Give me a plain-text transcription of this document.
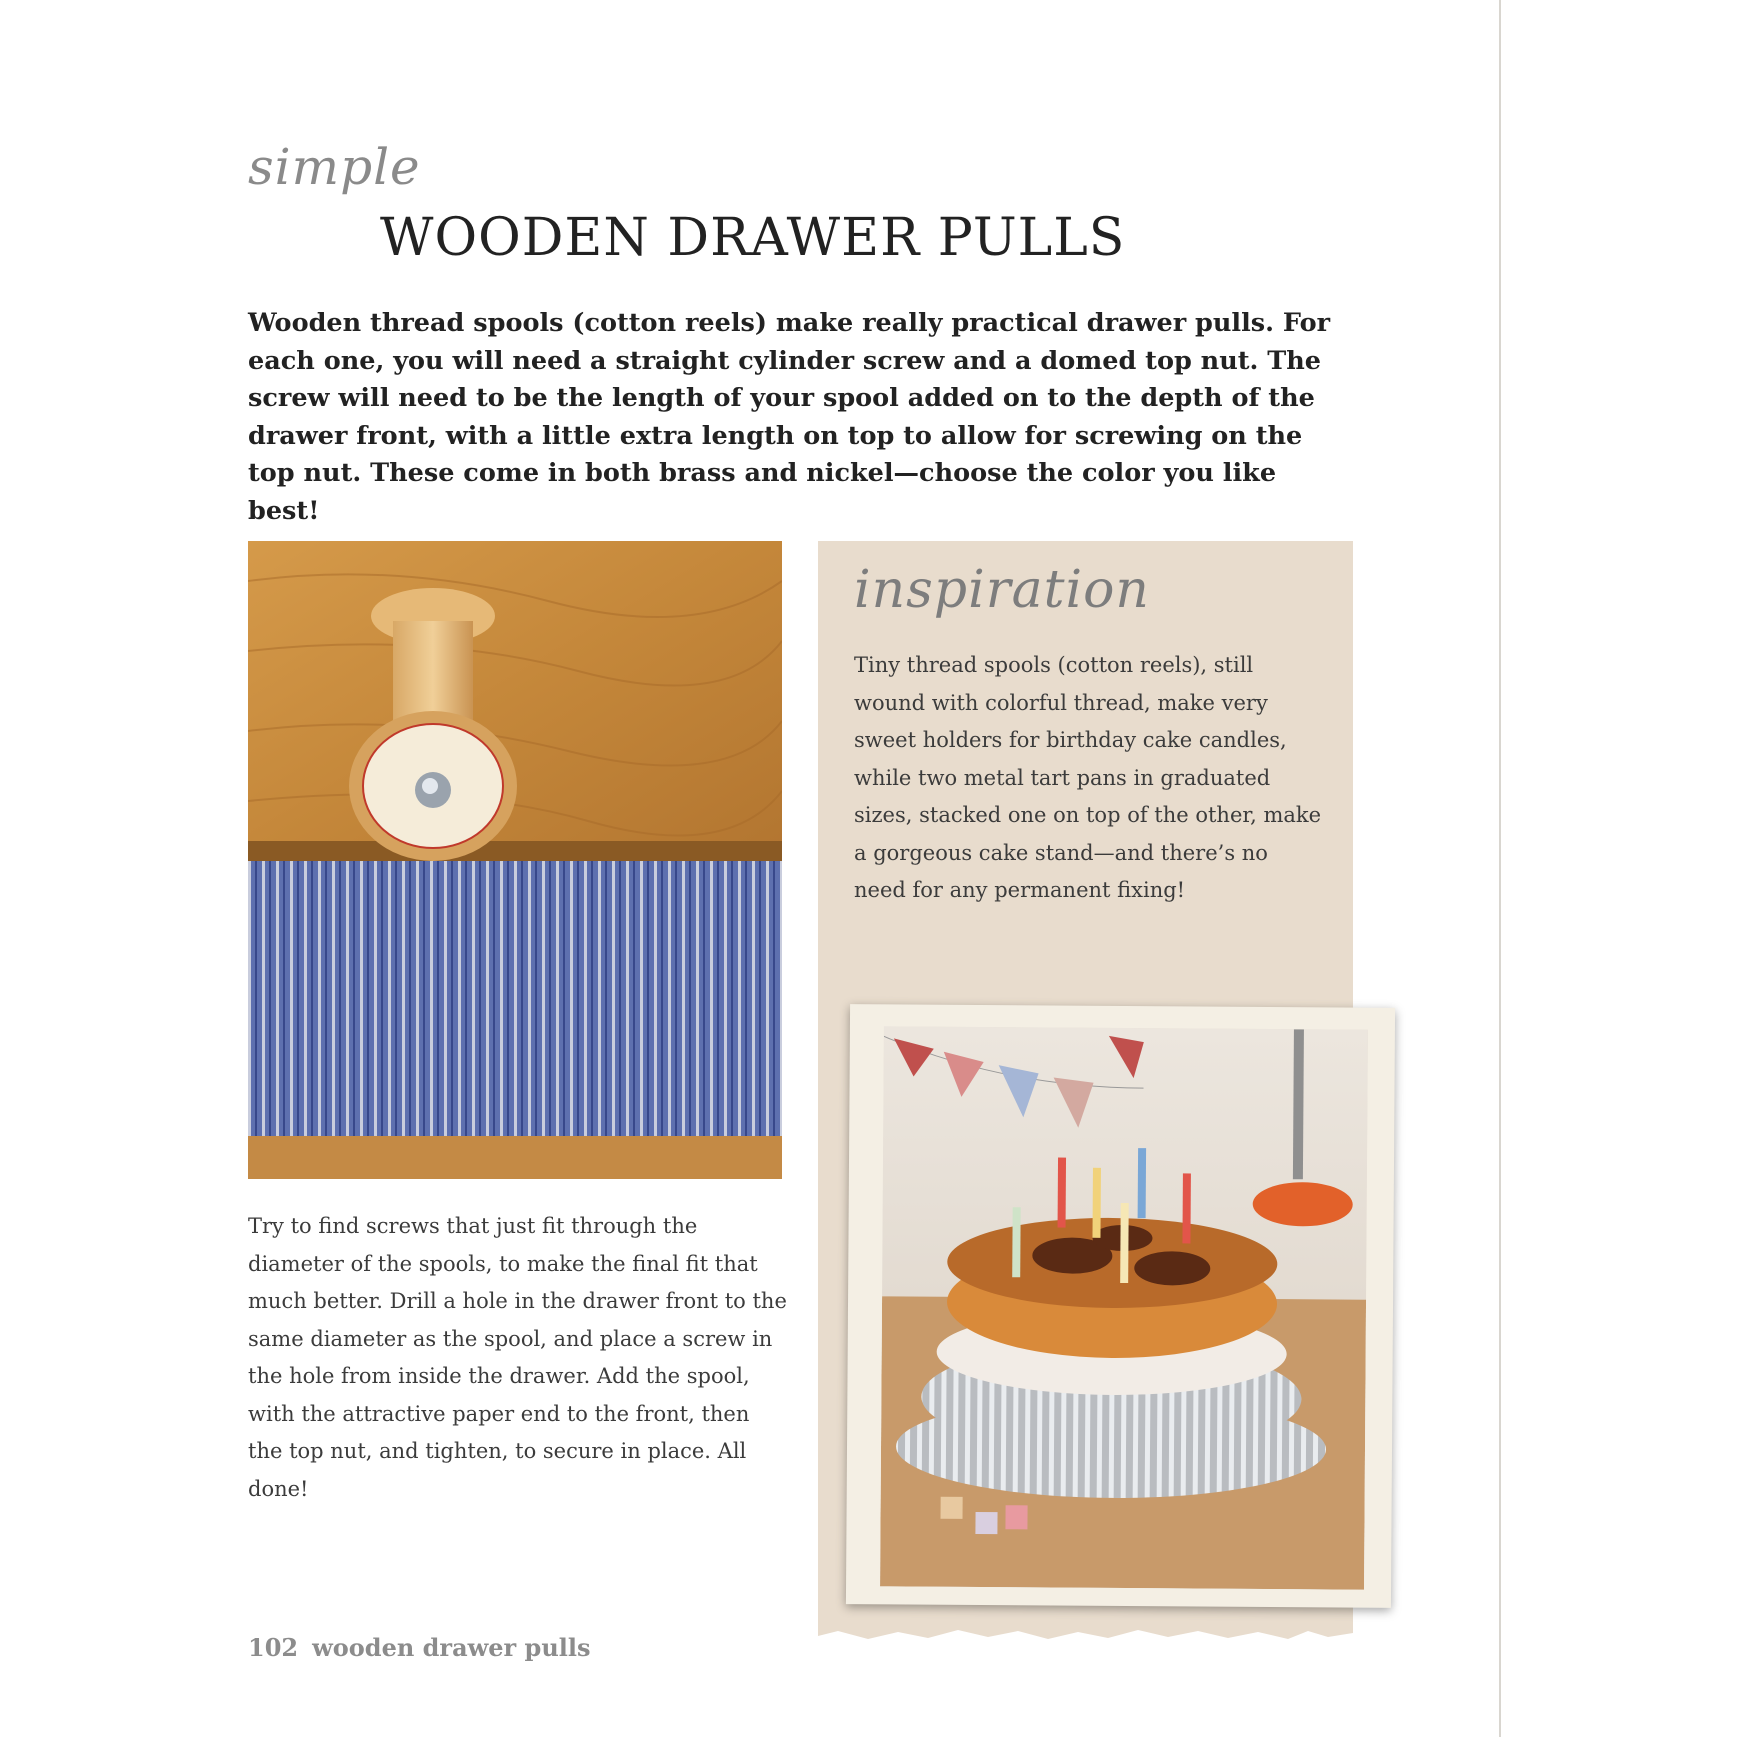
simple
WOODEN DRAWER PULLS

Wooden thread spools (cotton reels) make really practical drawer pulls. For each one, you will need a straight cylinder screw and a domed top nut. The screw will need to be the length of your spool added on to the depth of the drawer front, with a little extra length on top to allow for screwing on the top nut. These come in both brass and nickel—choose the color you like best!

inspiration

Tiny thread spools (cotton reels), still wound with colorful thread, make very sweet holders for birthday cake candles, while two metal tart pans in graduated sizes, stacked one on top of the other, make a gorgeous cake stand—and there’s no need for any permanent fixing!

Try to find screws that just fit through the diameter of the spools, to make the final fit that much better. Drill a hole in the drawer front to the same diameter as the spool, and place a screw in the hole from inside the drawer. Add the spool, with the attractive paper end to the front, then the top nut, and tighten, to secure in place. All done!

102 wooden drawer pulls
